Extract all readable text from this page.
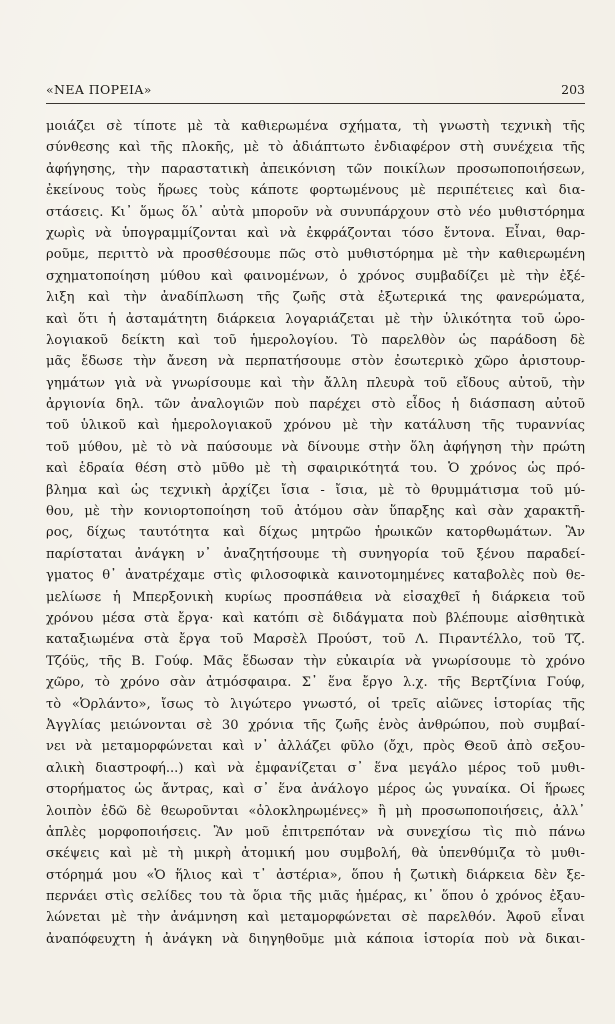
«ΝΕΑ ΠΟΡΕΙΑ»	203
μοιάζει σὲ τίποτε μὲ τὰ καθιερωμένα σχήματα, τὴ γνωστὴ τεχνικὴ τῆς
σύνθεσης καὶ τῆς πλοκῆς, μὲ τὸ ἀδιάπτωτο ἐνδιαφέρον στὴ συνέχεια τῆς
ἀφήγησης, τὴν παραστατικὴ ἀπεικόνιση τῶν ποικίλων προσωποποιήσεων,
ἐκείνους τοὺς ἥρωες τοὺς κάποτε φορτωμένους μὲ περιπέτειες καὶ δια-
στάσεις. Κι᾽ ὅμως ὅλ᾽ αὐτὰ μποροῦν νὰ συνυπάρχουν στὸ νέο μυθιστόρημα
χωρὶς νὰ ὑπογραμμίζονται καὶ νὰ ἐκφράζονται τόσο ἔντονα. Εἶναι, θαρ-
ροῦμε, περιττὸ νὰ προσθέσουμε πῶς στὸ μυθιστόρημα μὲ τὴν καθιερωμένη
σχηματοποίηση μύθου καὶ φαινομένων, ὁ χρόνος συμβαδίζει μὲ τὴν ἐξέ-
λιξη καὶ τὴν ἀναδίπλωση τῆς ζωῆς στὰ ἐξωτερικά της φανερώματα,
καὶ ὅτι ἡ ἀσταμάτητη διάρκεια λογαριάζεται μὲ τὴν ὑλικότητα τοῦ ὡρο-
λογιακοῦ δείκτη καὶ τοῦ ἡμερολογίου. Τὸ παρελθὸν ὡς παράδοση δὲ
μᾶς ἔδωσε τὴν ἄνεση νὰ περπατήσουμε στὸν ἐσωτερικὸ χῶρο ἀριστουρ-
γημάτων γιὰ νὰ γνωρίσουμε καὶ τὴν ἄλλη πλευρὰ τοῦ εἴδους αὐτοῦ, τὴν
ἀργιονία δηλ. τῶν ἀναλογιῶν ποὺ παρέχει στὸ εἶδος ἡ διάσπαση αὐτοῦ
τοῦ ὑλικοῦ καὶ ἡμερολογιακοῦ χρόνου μὲ τὴν κατάλυση τῆς τυραννίας
τοῦ μύθου, μὲ τὸ νὰ παύσουμε νὰ δίνουμε στὴν ὅλη ἀφήγηση τὴν πρώτη
καὶ ἑδραία θέση στὸ μῦθο μὲ τὴ σφαιρικότητά του. Ὁ χρόνος ὡς πρό-
βλημα καὶ ὡς τεχνικὴ ἀρχίζει ἴσια - ἴσια, μὲ τὸ θρυμμάτισμα τοῦ μύ-
θου, μὲ τὴν κονιορτοποίηση τοῦ ἀτόμου σὰν ὕπαρξης καὶ σὰν χαρακτῆ-
ρος, δίχως ταυτότητα καὶ δίχως μητρῶο ἡρωικῶν κατορθωμάτων. Ἂν
παρίσταται ἀνάγκη ν᾽ ἀναζητήσουμε τὴ συνηγορία τοῦ ξένου παραδεί-
γματος θ᾽ ἀνατρέχαμε στὶς φιλοσοφικὰ καινοτομημένες καταβολὲς ποὺ θε-
μελίωσε ἡ Μπερξονικὴ κυρίως προσπάθεια νὰ εἰσαχθεῖ ἡ διάρκεια τοῦ
χρόνου μέσα στὰ ἔργα· καὶ κατόπι σὲ διδάγματα ποὺ βλέπουμε αἰσθητικὰ
καταξιωμένα στὰ ἔργα τοῦ Μαρσὲλ Προύστ, τοῦ Λ. Πιραντέλλο, τοῦ Τζ.
Τζόϋς, τῆς Β. Γούφ. Μᾶς ἔδωσαν τὴν εὐκαιρία νὰ γνωρίσουμε τὸ χρόνο
χῶρο, τὸ χρόνο σὰν ἀτμόσφαιρα. Σ᾽ ἕνα ἔργο λ.χ. τῆς Βερτζίνια Γούφ,
τὸ «Ὀρλάντο», ἴσως τὸ λιγώτερο γνωστό, οἱ τρεῖς αἰῶνες ἱστορίας τῆς
Ἀγγλίας μειώνονται σὲ 30 χρόνια τῆς ζωῆς ἑνὸς ἀνθρώπου, ποὺ συμβαί-
νει νὰ μεταμορφώνεται καὶ ν᾽ ἀλλάζει φῦλο (ὄχι, πρὸς Θεοῦ ἀπὸ σεξου-
αλικὴ διαστροφή...) καὶ νὰ ἐμφανίζεται σ᾽ ἕνα μεγάλο μέρος τοῦ μυθι-
στορήματος ὡς ἄντρας, καὶ σ᾽ ἕνα ἀνάλογο μέρος ὡς γυναίκα. Οἱ ἥρωες
λοιπὸν ἐδῶ δὲ θεωροῦνται «ὁλοκληρωμένες» ἢ μὴ προσωποποιήσεις, ἀλλ᾽
ἁπλὲς μορφοποιήσεις. Ἂν μοῦ ἐπιτρεπόταν νὰ συνεχίσω τὶς πιὸ πάνω
σκέψεις καὶ μὲ τὴ μικρὴ ἀτομική μου συμβολή, θὰ ὑπενθύμιζα τὸ μυθι-
στόρημά μου «Ὁ ἥλιος καὶ τ᾽ ἀστέρια», ὅπου ἡ ζωτικὴ διάρκεια δὲν ξε-
περνάει στὶς σελίδες του τὰ ὅρια τῆς μιᾶς ἡμέρας, κι᾽ ὅπου ὁ χρόνος ἐξαυ-
λώνεται μὲ τὴν ἀνάμνηση καὶ μεταμορφώνεται σὲ παρελθόν. Ἀφοῦ εἶναι
ἀναπόφευχτη ἡ ἀνάγκη νὰ διηγηθοῦμε μιὰ κάποια ἱστορία ποὺ νὰ δικαι-
